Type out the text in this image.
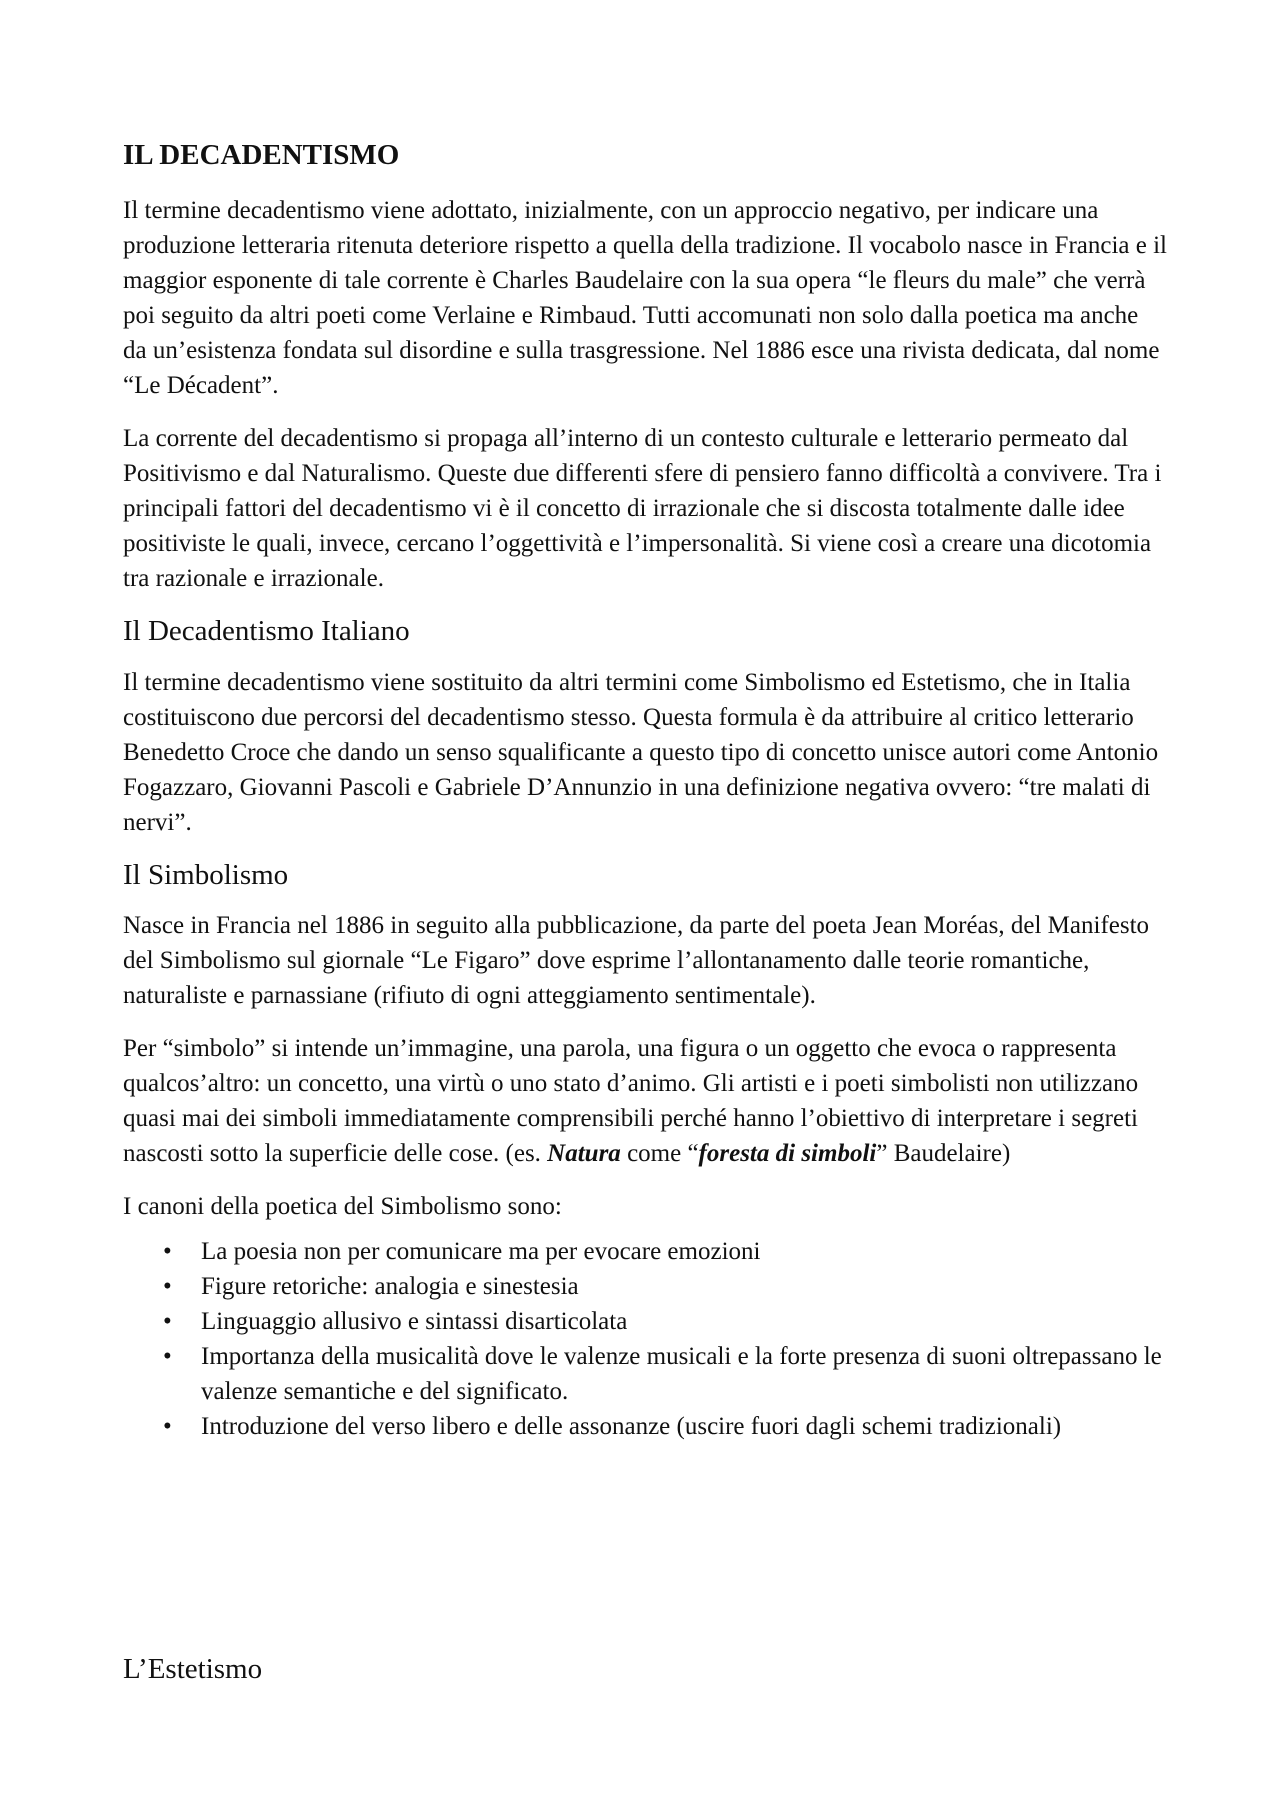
IL DECADENTISMO

Il termine decadentismo viene adottato, inizialmente, con un approccio negativo, per indicare una produzione letteraria ritenuta deteriore rispetto a quella della tradizione. Il vocabolo nasce in Francia e il maggior esponente di tale corrente è Charles Baudelaire con la sua opera “le fleurs du male” che verrà poi seguito da altri poeti come Verlaine e Rimbaud. Tutti accomunati non solo dalla poetica ma anche da un’esistenza fondata sul disordine e sulla trasgressione. Nel 1886 esce una rivista dedicata, dal nome “Le Décadent”.

La corrente del decadentismo si propaga all’interno di un contesto culturale e letterario permeato dal Positivismo e dal Naturalismo. Queste due differenti sfere di pensiero fanno difficoltà a convivere. Tra i principali fattori del decadentismo vi è il concetto di irrazionale che si discosta totalmente dalle idee positiviste le quali, invece, cercano l’oggettività e l’impersonalità. Si viene così a creare una dicotomia tra razionale e irrazionale.

Il Decadentismo Italiano

Il termine decadentismo viene sostituito da altri termini come Simbolismo ed Estetismo, che in Italia costituiscono due percorsi del decadentismo stesso. Questa formula è da attribuire al critico letterario Benedetto Croce che dando un senso squalificante a questo tipo di concetto unisce autori come Antonio Fogazzaro, Giovanni Pascoli e Gabriele D’Annunzio in una definizione negativa ovvero: “tre malati di nervi”.

Il Simbolismo

Nasce in Francia nel 1886 in seguito alla pubblicazione, da parte del poeta Jean Moréas, del Manifesto del Simbolismo sul giornale “Le Figaro” dove esprime l’allontanamento dalle teorie romantiche, naturaliste e parnassiane (rifiuto di ogni atteggiamento sentimentale).

Per “simbolo” si intende un’immagine, una parola, una figura o un oggetto che evoca o rappresenta qualcos’altro: un concetto, una virtù o uno stato d’animo. Gli artisti e i poeti simbolisti non utilizzano quasi mai dei simboli immediatamente comprensibili perché hanno l’obiettivo di interpretare i segreti nascosti sotto la superficie delle cose. (es. Natura come “foresta di simboli” Baudelaire)

I canoni della poetica del Simbolismo sono:

• La poesia non per comunicare ma per evocare emozioni
• Figure retoriche: analogia e sinestesia
• Linguaggio allusivo e sintassi disarticolata
• Importanza della musicalità dove le valenze musicali e la forte presenza di suoni oltrepassano le valenze semantiche e del significato.
• Introduzione del verso libero e delle assonanze (uscire fuori dagli schemi tradizionali)
L’Estetismo
